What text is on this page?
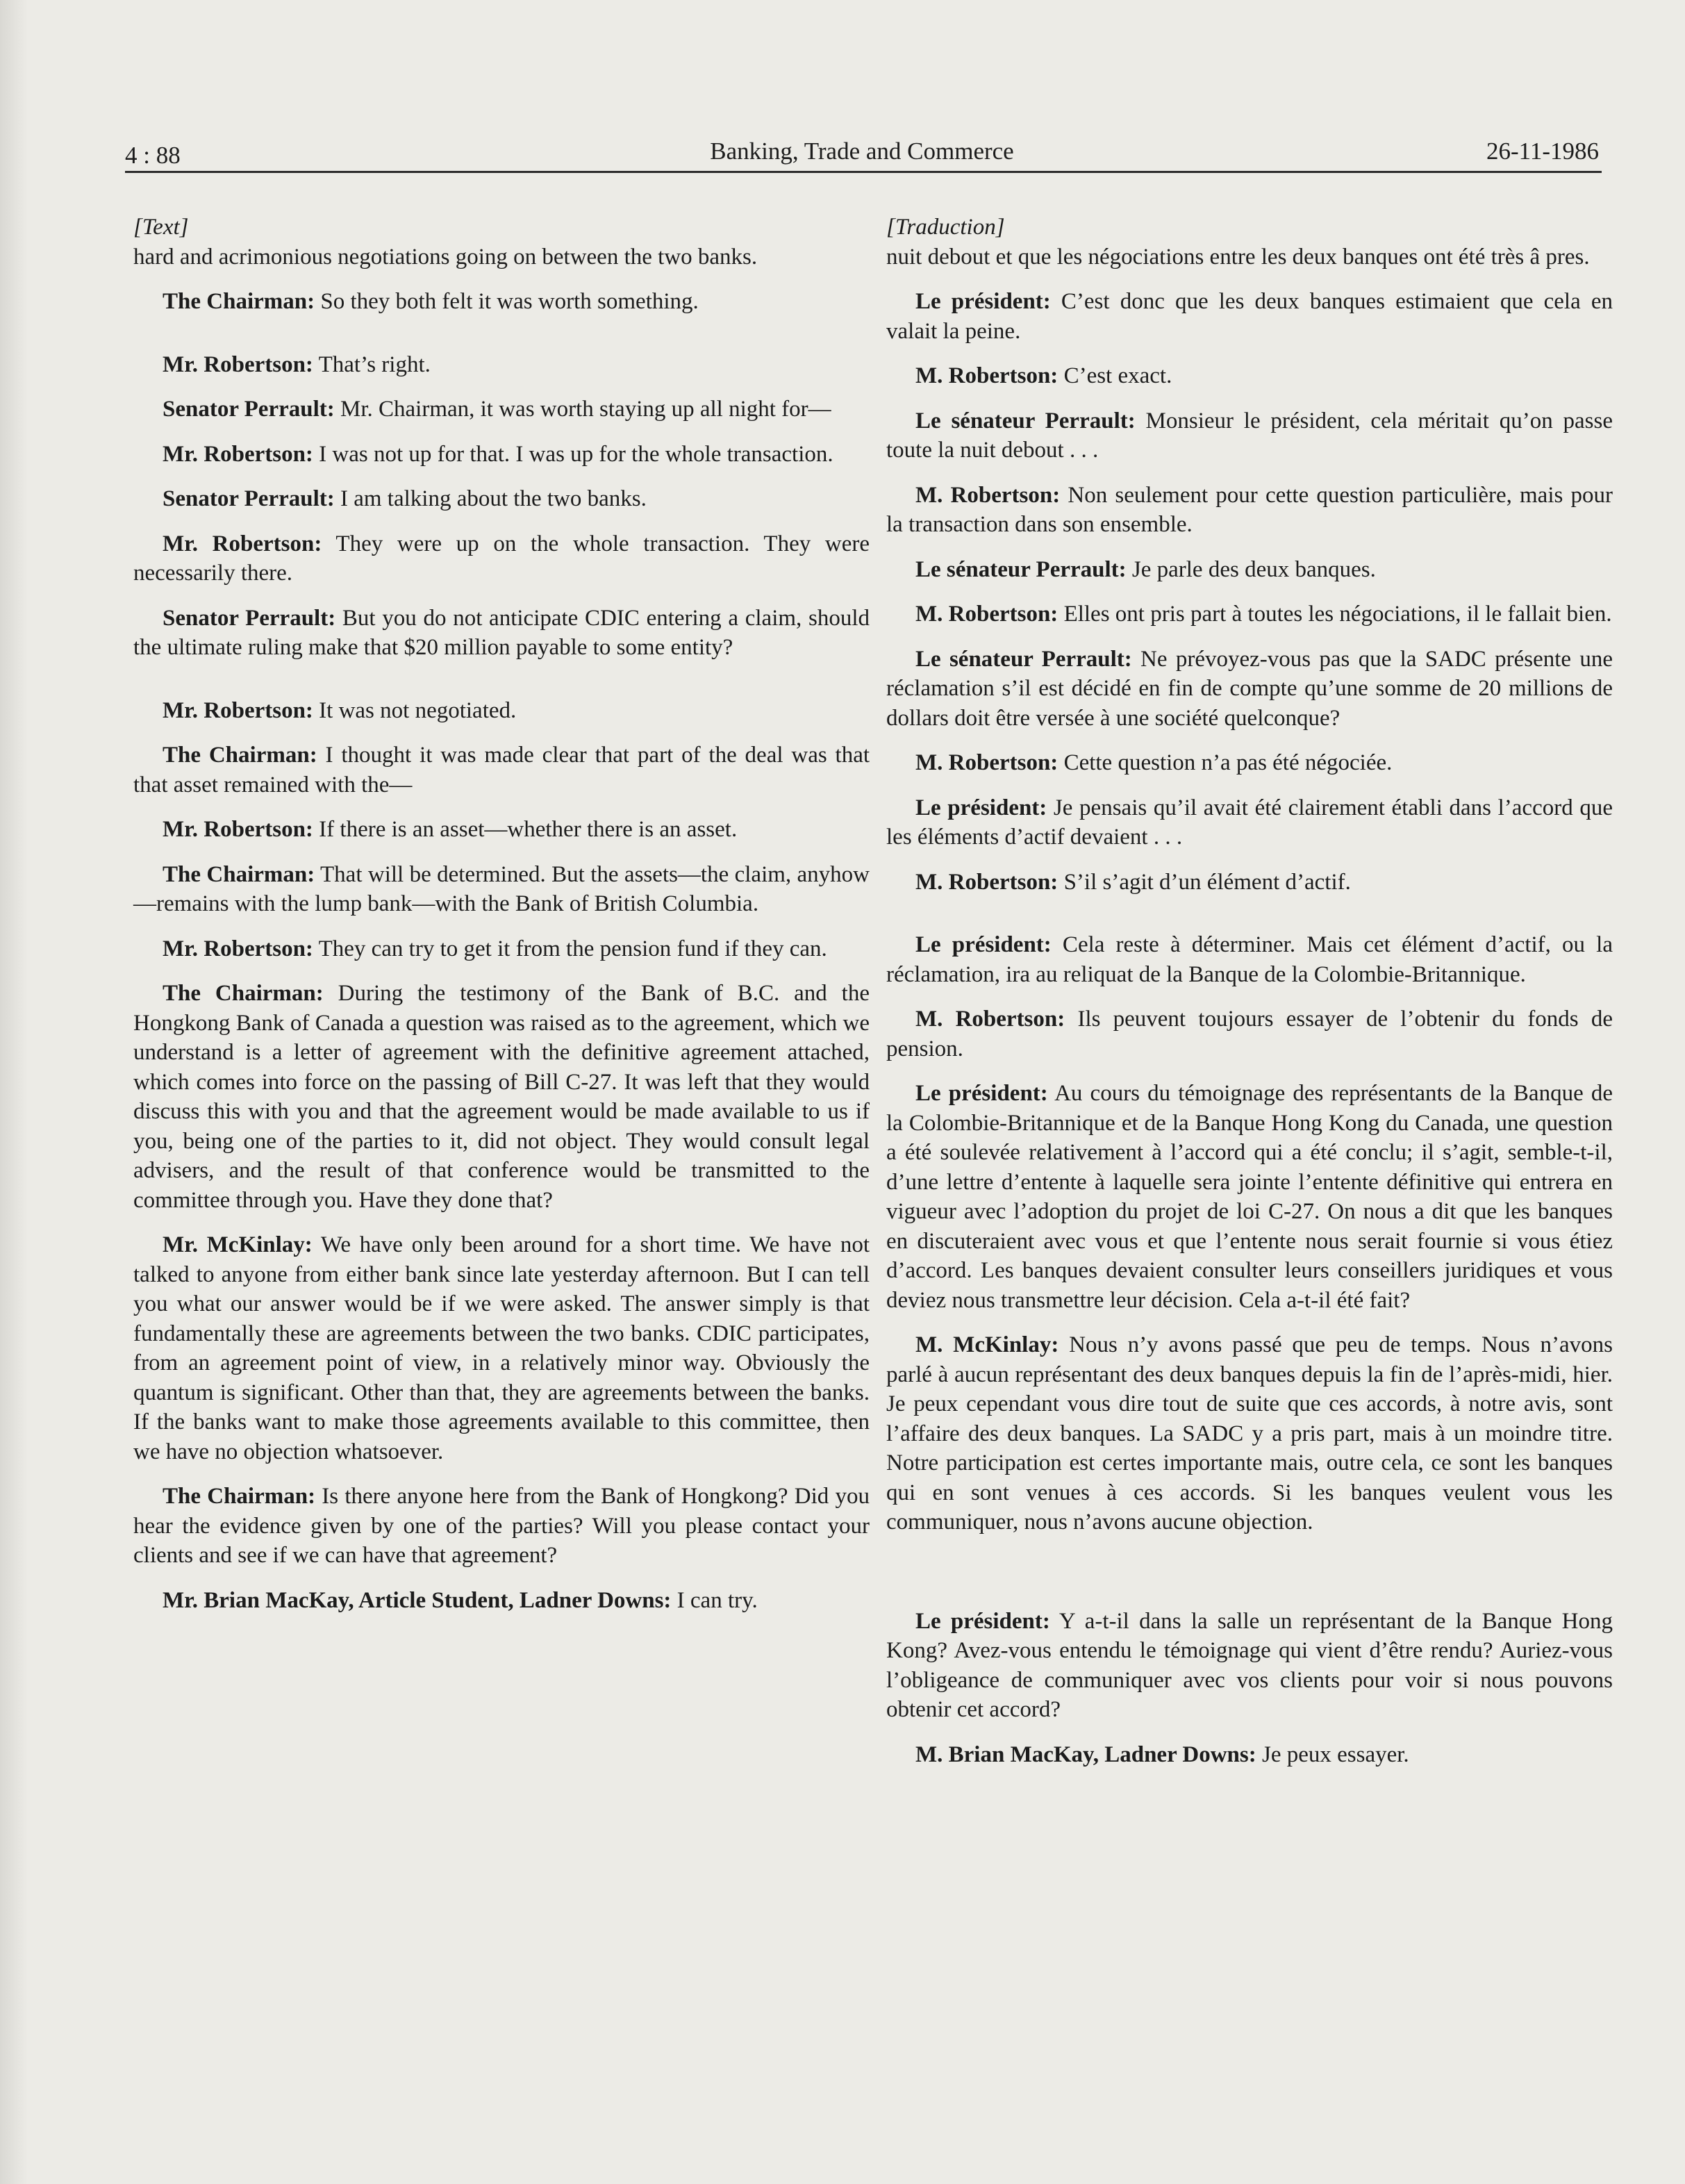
4 : 88	Banking, Trade and Commerce	26-11-1986

[Text]

hard and acrimonious negotiations going on between the two banks.

The Chairman: So they both felt it was worth something.

Mr. Robertson: That’s right.

Senator Perrault: Mr. Chairman, it was worth staying up all night for—

Mr. Robertson: I was not up for that. I was up for the whole transaction.

Senator Perrault: I am talking about the two banks.

Mr. Robertson: They were up on the whole transaction. They were necessarily there.

Senator Perrault: But you do not anticipate CDIC entering a claim, should the ultimate ruling make that $20 million payable to some entity?

Mr. Robertson: It was not negotiated.

The Chairman: I thought it was made clear that part of the deal was that that asset remained with the—

Mr. Robertson: If there is an asset—whether there is an asset.

The Chairman: That will be determined. But the assets—the claim, anyhow—remains with the lump bank—with the Bank of British Columbia.

Mr. Robertson: They can try to get it from the pension fund if they can.

The Chairman: During the testimony of the Bank of B.C. and the Hongkong Bank of Canada a question was raised as to the agreement, which we understand is a letter of agreement with the definitive agreement attached, which comes into force on the passing of Bill C-27. It was left that they would discuss this with you and that the agreement would be made available to us if you, being one of the parties to it, did not object. They would consult legal advisers, and the result of that conference would be transmitted to the committee through you. Have they done that?

Mr. McKinlay: We have only been around for a short time. We have not talked to anyone from either bank since late yesterday afternoon. But I can tell you what our answer would be if we were asked. The answer simply is that fundamentally these are agreements between the two banks. CDIC participates, from an agreement point of view, in a relatively minor way. Obviously the quantum is significant. Other than that, they are agreements between the banks. If the banks want to make those agreements available to this committee, then we have no objection whatsoever.

The Chairman: Is there anyone here from the Bank of Hongkong? Did you hear the evidence given by one of the parties? Will you please contact your clients and see if we can have that agreement?

Mr. Brian MacKay, Article Student, Ladner Downs: I can try.

[Traduction]

nuit debout et que les négociations entre les deux banques ont été très â pres.

Le président: C’est donc que les deux banques estimaient que cela en valait la peine.

M. Robertson: C’est exact.

Le sénateur Perrault: Monsieur le président, cela méritait qu’on passe toute la nuit debout . . .

M. Robertson: Non seulement pour cette question particulière, mais pour la transaction dans son ensemble.

Le sénateur Perrault: Je parle des deux banques.

M. Robertson: Elles ont pris part à toutes les négociations, il le fallait bien.

Le sénateur Perrault: Ne prévoyez-vous pas que la SADC présente une réclamation s’il est décidé en fin de compte qu’une somme de 20 millions de dollars doit être versée à une société quelconque?

M. Robertson: Cette question n’a pas été négociée.

Le président: Je pensais qu’il avait été clairement établi dans l’accord que les éléments d’actif devaient . . .

M. Robertson: S’il s’agit d’un élément d’actif.

Le président: Cela reste à déterminer. Mais cet élément d’actif, ou la réclamation, ira au reliquat de la Banque de la Colombie-Britannique.

M. Robertson: Ils peuvent toujours essayer de l’obtenir du fonds de pension.

Le président: Au cours du témoignage des représentants de la Banque de la Colombie-Britannique et de la Banque Hong Kong du Canada, une question a été soulevée relativement à l’accord qui a été conclu; il s’agit, semble-t-il, d’une lettre d’entente à laquelle sera jointe l’entente définitive qui entrera en vigueur avec l’adoption du projet de loi C-27. On nous a dit que les banques en discuteraient avec vous et que l’entente nous serait fournie si vous étiez d’accord. Les banques devaient consulter leurs conseillers juridiques et vous deviez nous transmettre leur décision. Cela a-t-il été fait?

M. McKinlay: Nous n’y avons passé que peu de temps. Nous n’avons parlé à aucun représentant des deux banques depuis la fin de l’après-midi, hier. Je peux cependant vous dire tout de suite que ces accords, à notre avis, sont l’affaire des deux banques. La SADC y a pris part, mais à un moindre titre. Notre participation est certes importante mais, outre cela, ce sont les banques qui en sont venues à ces accords. Si les banques veulent vous les communiquer, nous n’avons aucune objection.

Le président: Y a-t-il dans la salle un représentant de la Banque Hong Kong? Avez-vous entendu le témoignage qui vient d’être rendu? Auriez-vous l’obligeance de communiquer avec vos clients pour voir si nous pouvons obtenir cet accord?

M. Brian MacKay, Ladner Downs: Je peux essayer.
